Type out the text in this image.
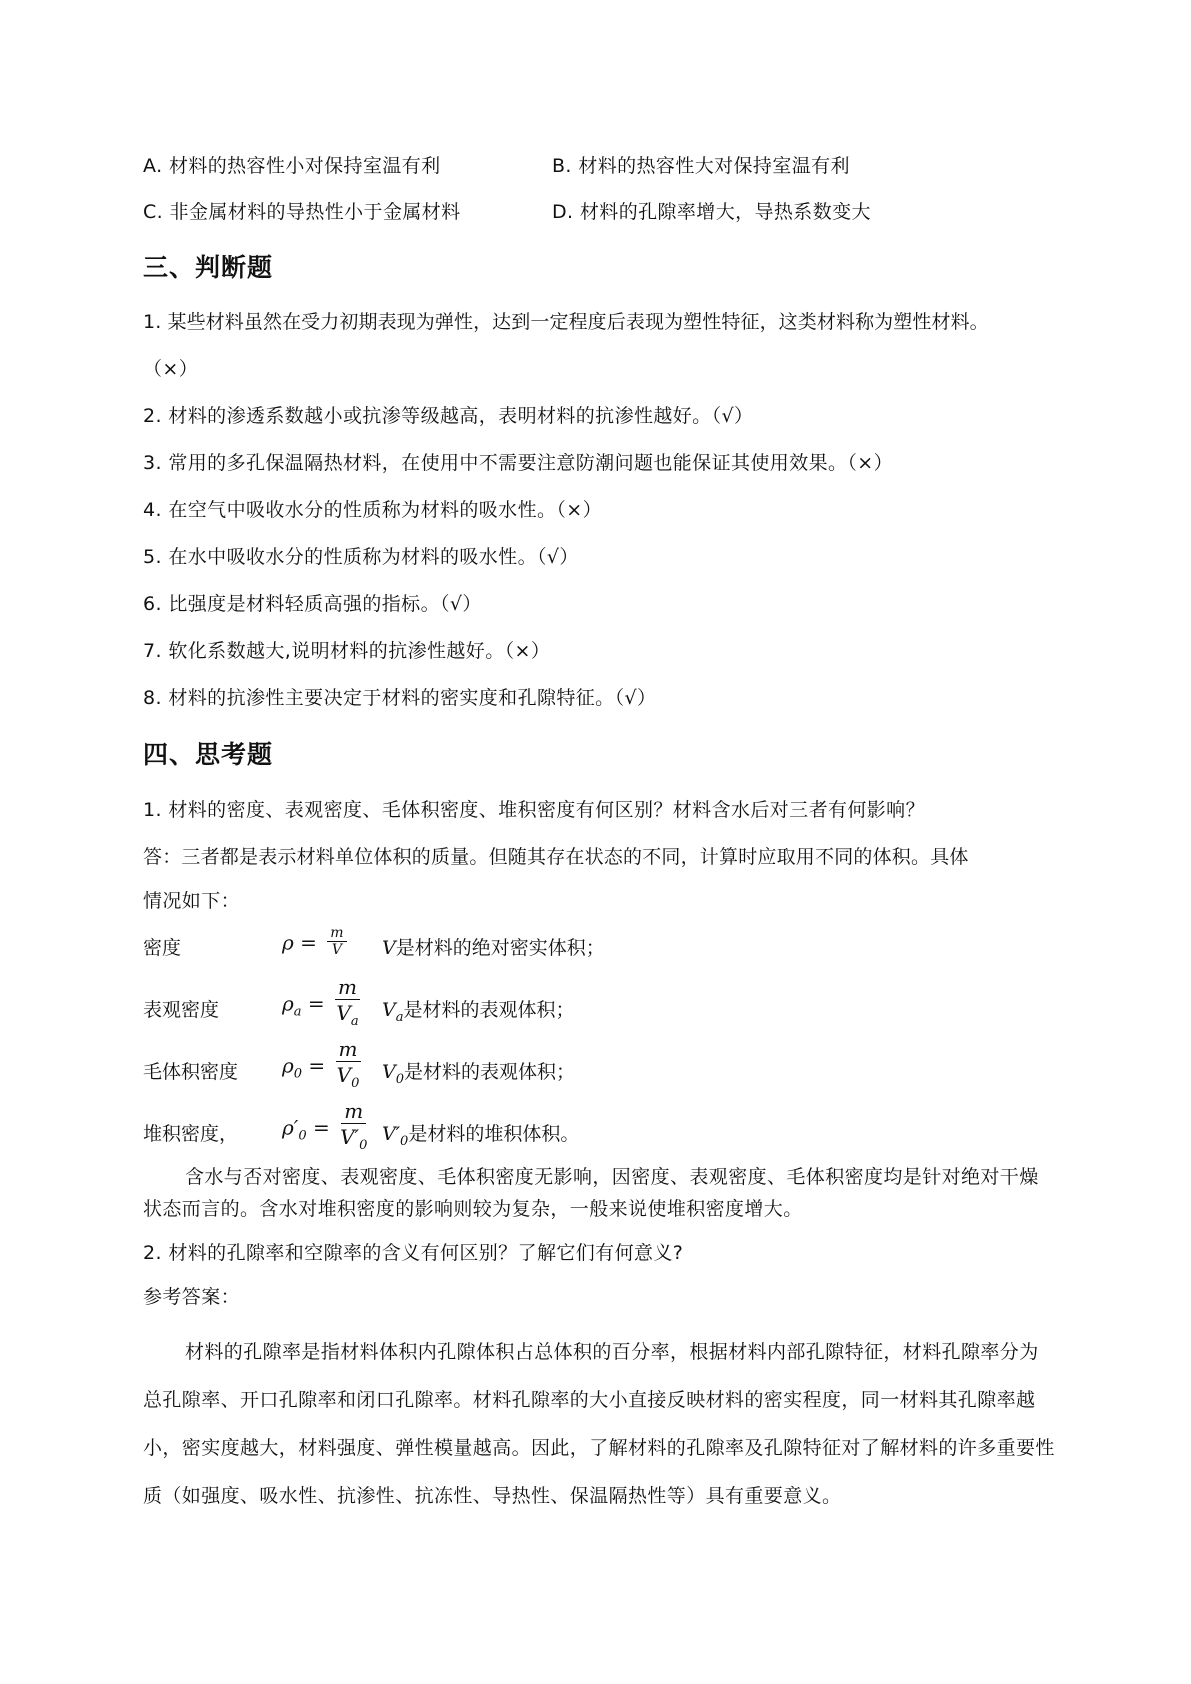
A. 材料的热容性小对保持室温有利	B. 材料的热容性大对保持室温有利
C. 非金属材料的导热性小于金属材料	D. 材料的孔隙率增大，导热系数变大
三、判断题
1. 某些材料虽然在受力初期表现为弹性，达到一定程度后表现为塑性特征，这类材料称为塑性材料。
（×）
2. 材料的渗透系数越小或抗渗等级越高，表明材料的抗渗性越好。（√）
3. 常用的多孔保温隔热材料，在使用中不需要注意防潮问题也能保证其使用效果。（×）
4. 在空气中吸收水分的性质称为材料的吸水性。（×）
5. 在水中吸收水分的性质称为材料的吸水性。（√）
6. 比强度是材料轻质高强的指标。（√）
7. 软化系数越大,说明材料的抗渗性越好。（×）
8. 材料的抗渗性主要决定于材料的密实度和孔隙特征。（√）
四、思考题
1. 材料的密度、表观密度、毛体积密度、堆积密度有何区别？材料含水后对三者有何影响？
答：三者都是表示材料单位体积的质量。但随其存在状态的不同，计算时应取用不同的体积。具体
情况如下：
密度	$\rho = \frac{m}{V}$ V是材料的绝对密实体积；
表观密度	$\rho_a = \frac{m}{V_a} V_a$是材料的表观体积；
毛体积密度 $\rho_0 = \frac{m}{V_0} V_0$是材料的表观体积；
堆积密度， $\rho'_0 = \frac{m}{V'_0} V'_0$是材料的堆积体积。
含水与否对密度、表观密度、毛体积密度无影响，因密度、表观密度、毛体积密度均是针对绝对干燥状态而言的。含水对堆积密度的影响则较为复杂，一般来说使堆积密度增大。
2. 材料的孔隙率和空隙率的含义有何区别？了解它们有何意义?
参考答案：
材料的孔隙率是指材料体积内孔隙体积占总体积的百分率，根据材料内部孔隙特征，材料孔隙率分为总孔隙率、开口孔隙率和闭口孔隙率。材料孔隙率的大小直接反映材料的密实程度，同一材料其孔隙率越小，密实度越大，材料强度、弹性模量越高。因此，了解材料的孔隙率及孔隙特征对了解材料的许多重要性质（如强度、吸水性、抗渗性、抗冻性、导热性、保温隔热性等）具有重要意义。
